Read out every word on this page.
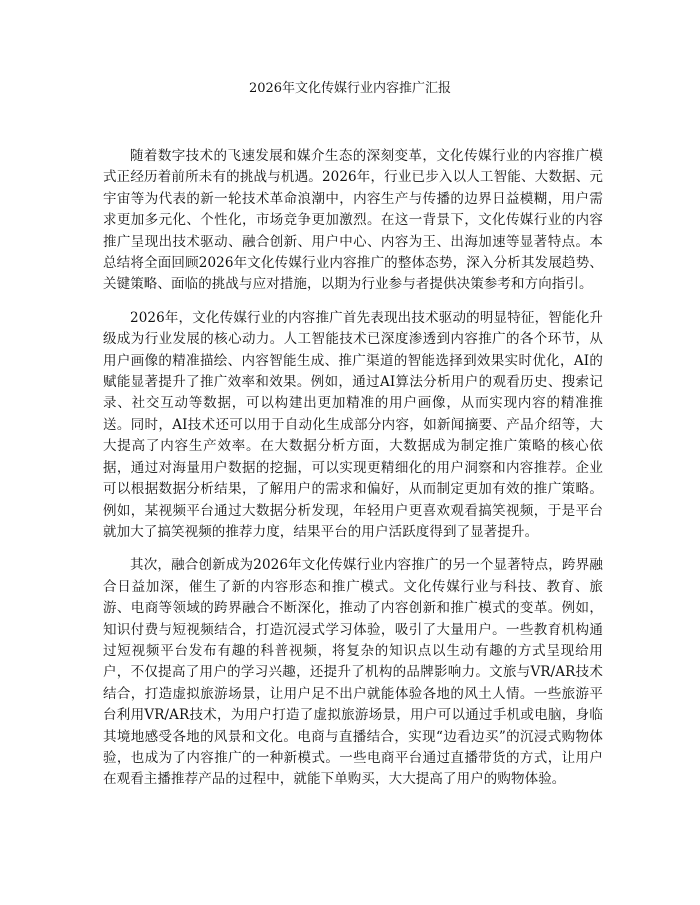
2026年文化传媒行业内容推广汇报

随着数字技术的飞速发展和媒介生态的深刻变革，文化传媒行业的内容推广模式正经历着前所未有的挑战与机遇。2026年，行业已步入以人工智能、大数据、元宇宙等为代表的新一轮技术革命浪潮中，内容生产与传播的边界日益模糊，用户需求更加多元化、个性化，市场竞争更加激烈。在这一背景下，文化传媒行业的内容推广呈现出技术驱动、融合创新、用户中心、内容为王、出海加速等显著特点。本总结将全面回顾2026年文化传媒行业内容推广的整体态势，深入分析其发展趋势、关键策略、面临的挑战与应对措施，以期为行业参与者提供决策参考和方向指引。

2026年，文化传媒行业的内容推广首先表现出技术驱动的明显特征，智能化升级成为行业发展的核心动力。人工智能技术已深度渗透到内容推广的各个环节，从用户画像的精准描绘、内容智能生成、推广渠道的智能选择到效果实时优化，AI的赋能显著提升了推广效率和效果。例如，通过AI算法分析用户的观看历史、搜索记录、社交互动等数据，可以构建出更加精准的用户画像，从而实现内容的精准推送。同时，AI技术还可以用于自动化生成部分内容，如新闻摘要、产品介绍等，大大提高了内容生产效率。在大数据分析方面，大数据成为制定推广策略的核心依据，通过对海量用户数据的挖掘，可以实现更精细化的用户洞察和内容推荐。企业可以根据数据分析结果，了解用户的需求和偏好，从而制定更加有效的推广策略。例如，某视频平台通过大数据分析发现，年轻用户更喜欢观看搞笑视频，于是平台就加大了搞笑视频的推荐力度，结果平台的用户活跃度得到了显著提升。

其次，融合创新成为2026年文化传媒行业内容推广的另一个显著特点，跨界融合日益加深，催生了新的内容形态和推广模式。文化传媒行业与科技、教育、旅游、电商等领域的跨界融合不断深化，推动了内容创新和推广模式的变革。例如，知识付费与短视频结合，打造沉浸式学习体验，吸引了大量用户。一些教育机构通过短视频平台发布有趣的科普视频，将复杂的知识点以生动有趣的方式呈现给用户，不仅提高了用户的学习兴趣，还提升了机构的品牌影响力。文旅与VR/AR技术结合，打造虚拟旅游场景，让用户足不出户就能体验各地的风土人情。一些旅游平台利用VR/AR技术，为用户打造了虚拟旅游场景，用户可以通过手机或电脑，身临其境地感受各地的风景和文化。电商与直播结合，实现“边看边买”的沉浸式购物体验，也成为了内容推广的一种新模式。一些电商平台通过直播带货的方式，让用户在观看主播推荐产品的过程中，就能下单购买，大大提高了用户的购物体验。
